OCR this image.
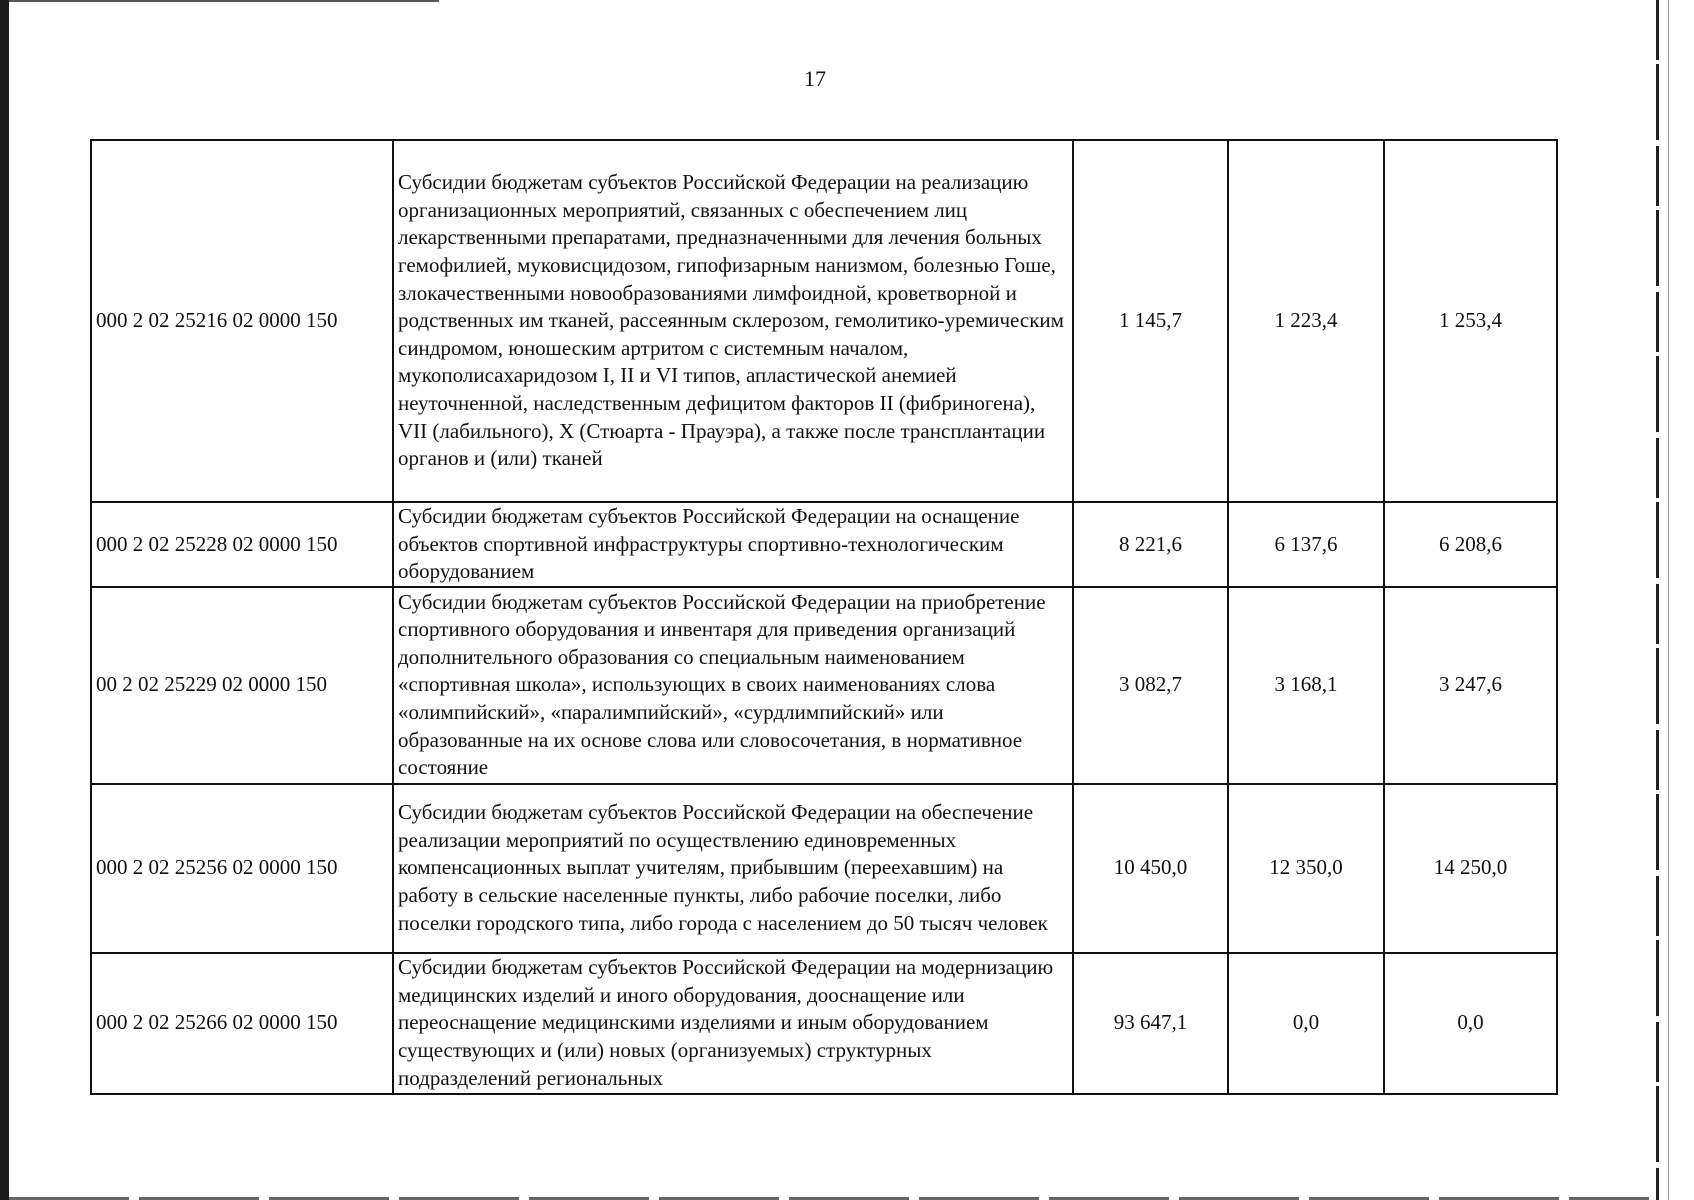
17
000 2 02 25216 02 0000 150	Субсидии бюджетам субъектов Российской Федерации на реализацию организационных мероприятий, связанных с обеспечением лиц лекарственными препаратами, предназначенными для лечения больных гемофилией, муковисцидозом, гипофизарным нанизмом, болезнью Гоше, злокачественными новообразованиями лимфоидной, кроветворной и родственных им тканей, рассеянным склерозом, гемолитико-уремическим синдромом, юношеским артритом с системным началом, мукополисахаридозом I, II и VI типов, апластической анемией неуточненной, наследственным дефицитом факторов II (фибриногена), VII (лабильного), X (Стюарта - Прауэра), а также после трансплантации органов и (или) тканей	1 145,7	1 223,4	1 253,4
000 2 02 25228 02 0000 150	Субсидии бюджетам субъектов Российской Федерации на оснащение объектов спортивной инфраструктуры спортивно-технологическим оборудованием	8 221,6	6 137,6	6 208,6
00 2 02 25229 02 0000 150	Субсидии бюджетам субъектов Российской Федерации на приобретение спортивного оборудования и инвентаря для приведения организаций дополнительного образования со специальным наименованием «спортивная школа», использующих в своих наименованиях слова «олимпийский», «паралимпийский», «сурдлимпийский» или образованные на их основе слова или словосочетания, в нормативное состояние	3 082,7	3 168,1	3 247,6
000 2 02 25256 02 0000 150	Субсидии бюджетам субъектов Российской Федерации на обеспечение реализации мероприятий по осуществлению единовременных компенсационных выплат учителям, прибывшим (переехавшим) на работу в сельские населенные пункты, либо рабочие поселки, либо поселки городского типа, либо города с населением до 50 тысяч человек	10 450,0	12 350,0	14 250,0
000 2 02 25266 02 0000 150	Субсидии бюджетам субъектов Российской Федерации на модернизацию медицинских изделий и иного оборудования, дооснащение или переоснащение медицинскими изделиями и иным оборудованием существующих и (или) новых (организуемых) структурных подразделений региональных	93 647,1	0,0	0,0
